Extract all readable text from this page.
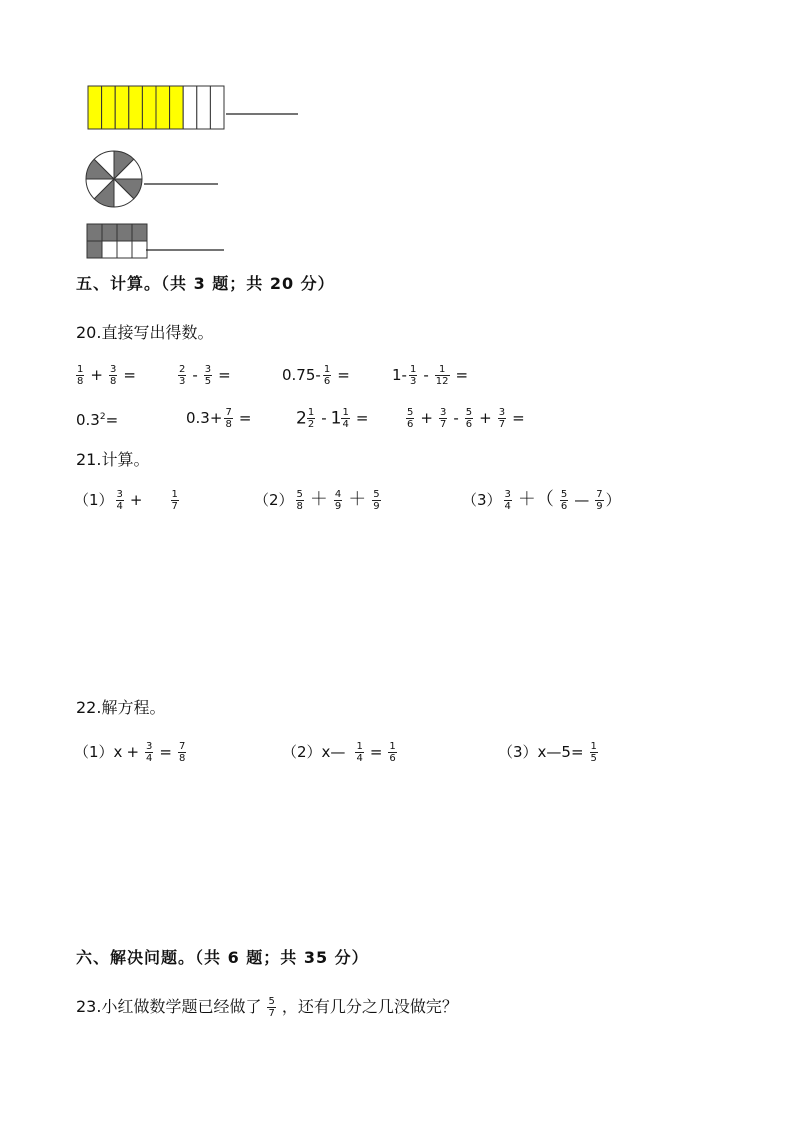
五、计算。（共 3 题；共 20 分）
20.直接写出得数。
$\frac{1}{8} + \frac{3}{8}$ =	$\frac{2}{3} - \frac{3}{5}$ =	$0.75- \frac{1}{6}$ =	$1- \frac{1}{3} - \frac{1}{12}$ =
$0.3^2=$	$0.3+ \frac{7}{8}$ =	$2 \frac{1}{2} - 1 \frac{1}{4}$ =	$\frac{5}{6} + \frac{3}{7} - \frac{5}{6} + \frac{3}{7}$ =
21.计算。
$(1) \frac{3}{4}$ +	$\frac{1}{7}$	$(2) \frac{5}{8} + \frac{4}{9} + \frac{5}{9}$	$(3) \frac{3}{4}$ ＋（ $\frac{5}{6}$ — $\frac{7}{9}$ ）
22.解方程。
$(1)x + \frac{3}{4} = \frac{7}{8}$	（2）x— $\frac{1}{4} = \frac{1}{6}$	（3）x—5= $\frac{1}{5}$
六、解决问题。（共 6 题；共 35 分）
23.小红做数学题已经做了 $\frac{5}{7}$ ，还有几分之几没做完？
